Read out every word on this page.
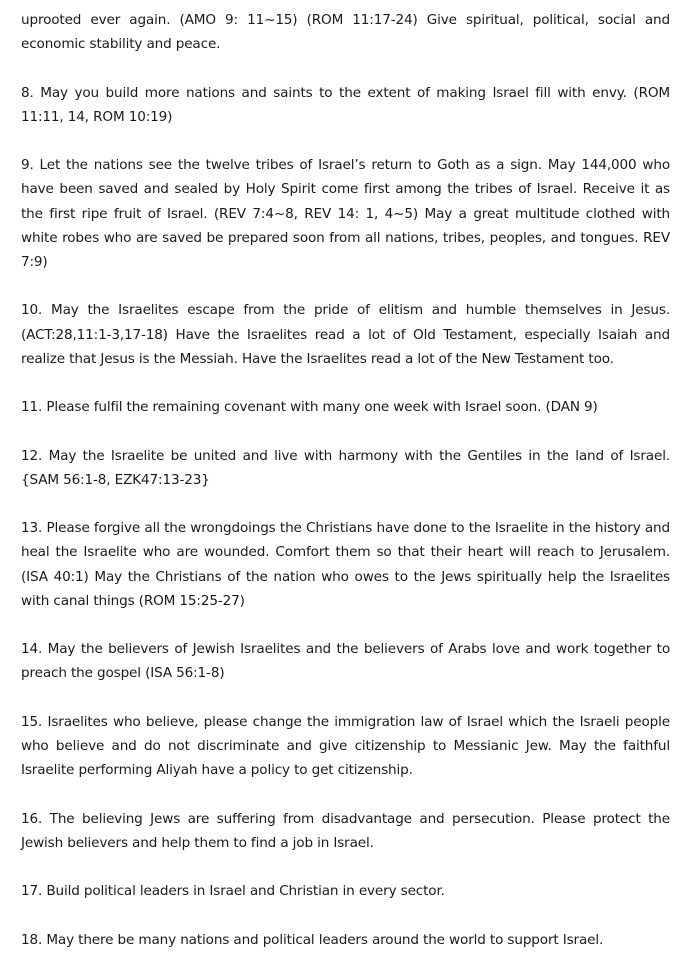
uprooted ever again. (AMO 9: 11~15) (ROM 11:17-24) Give spiritual, political, social and economic stability and peace.

8. May you build more nations and saints to the extent of making Israel fill with envy. (ROM 11:11, 14, ROM 10:19)

9. Let the nations see the twelve tribes of Israel’s return to Goth as a sign. May 144,000 who have been saved and sealed by Holy Spirit come first among the tribes of Israel. Receive it as the first ripe fruit of Israel. (REV 7:4~8, REV 14: 1, 4~5) May a great multitude clothed with white robes who are saved be prepared soon from all nations, tribes, peoples, and tongues. REV 7:9)

10. May the Israelites escape from the pride of elitism and humble themselves in Jesus. (ACT:28,11:1-3,17-18) Have the Israelites read a lot of Old Testament, especially Isaiah and realize that Jesus is the Messiah. Have the Israelites read a lot of the New Testament too.

11. Please fulfil the remaining covenant with many one week with Israel soon. (DAN 9)

12. May the Israelite be united and live with harmony with the Gentiles in the land of Israel. {SAM 56:1-8, EZK47:13-23}

13. Please forgive all the wrongdoings the Christians have done to the Israelite in the history and heal the Israelite who are wounded. Comfort them so that their heart will reach to Jerusalem. (ISA 40:1) May the Christians of the nation who owes to the Jews spiritually help the Israelites with canal things (ROM 15:25-27)

14. May the believers of Jewish Israelites and the believers of Arabs love and work together to preach the gospel (ISA 56:1-8)

15. Israelites who believe, please change the immigration law of Israel which the Israeli people who believe and do not discriminate and give citizenship to Messianic Jew. May the faithful Israelite performing Aliyah have a policy to get citizenship.

16. The believing Jews are suffering from disadvantage and persecution. Please protect the Jewish believers and help them to find a job in Israel.

17. Build political leaders in Israel and Christian in every sector.

18. May there be many nations and political leaders around the world to support Israel.
